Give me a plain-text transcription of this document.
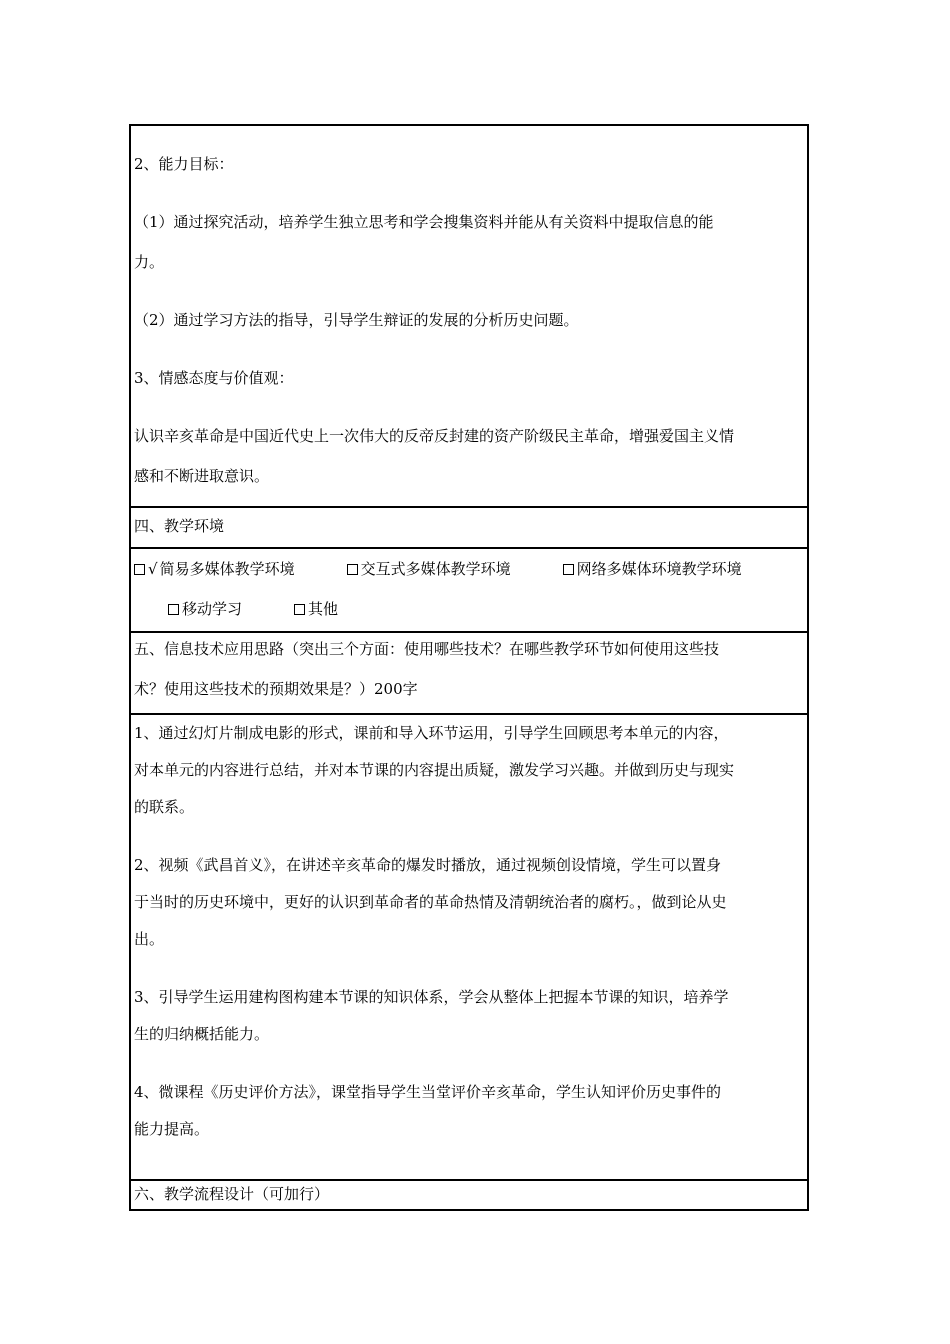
2、能力目标：

（1）通过探究活动，培养学生独立思考和学会搜集资料并能从有关资料中提取信息的能

力。

（2）通过学习方法的指导，引导学生辩证的发展的分析历史问题。

3、情感态度与价值观：

认识辛亥革命是中国近代史上一次伟大的反帝反封建的资产阶级民主革命，增强爱国主义情

感和不断进取意识。

四、教学环境

√ 简易多媒体教学环境	交互式多媒体教学环境	网络多媒体环境教学环境
移动学习	其他

五、信息技术应用思路（突出三个方面：使用哪些技术？在哪些教学环节如何使用这些技

术？使用这些技术的预期效果是？）200字

1、通过幻灯片制成电影的形式，课前和导入环节运用，引导学生回顾思考本单元的内容，

对本单元的内容进行总结，并对本节课的内容提出质疑，激发学习兴趣。并做到历史与现实

的联系。

2、视频《武昌首义》，在讲述辛亥革命的爆发时播放，通过视频创设情境，学生可以置身

于当时的历史环境中，更好的认识到革命者的革命热情及清朝统治者的腐朽。，做到论从史

出。

3、引导学生运用建构图构建本节课的知识体系，学会从整体上把握本节课的知识，培养学

生的归纳概括能力。

4、微课程《历史评价方法》，课堂指导学生当堂评价辛亥革命，学生认知评价历史事件的

能力提高。

六、教学流程设计（可加行）
